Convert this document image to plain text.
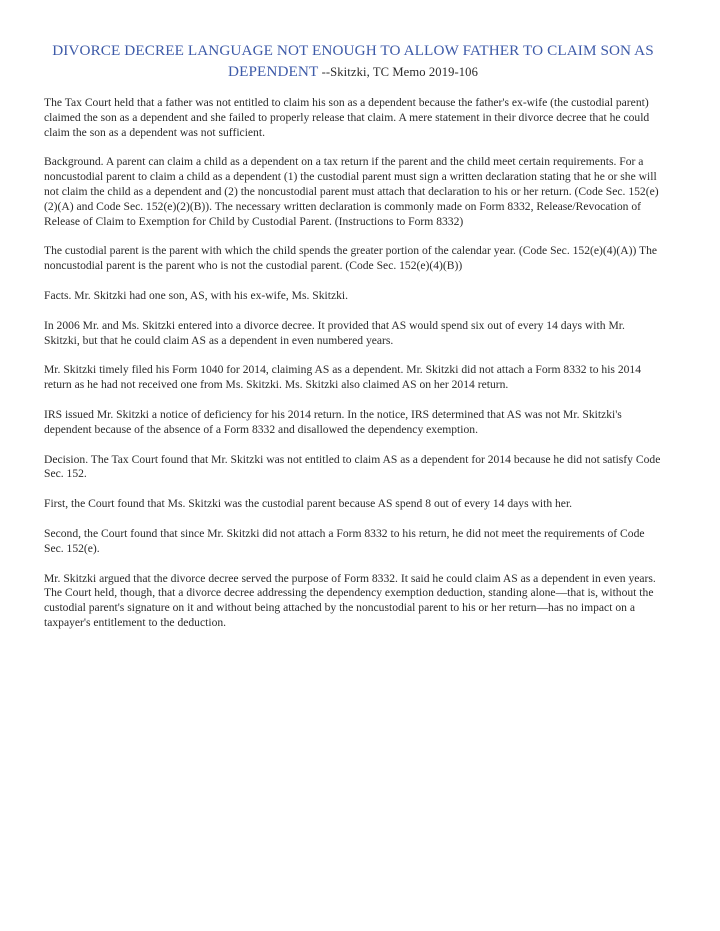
DIVORCE DECREE LANGUAGE NOT ENOUGH TO ALLOW FATHER TO CLAIM SON AS DEPENDENT --Skitzki, TC Memo 2019-106

The Tax Court held that a father was not entitled to claim his son as a dependent because the father's ex-wife (the custodial parent) claimed the son as a dependent and she failed to properly release that claim. A mere statement in their divorce decree that he could claim the son as a dependent was not sufficient.

Background. A parent can claim a child as a dependent on a tax return if the parent and the child meet certain requirements. For a noncustodial parent to claim a child as a dependent (1) the custodial parent must sign a written declaration stating that he or she will not claim the child as a dependent and (2) the noncustodial parent must attach that declaration to his or her return. (Code Sec. 152(e)(2)(A) and Code Sec. 152(e)(2)(B)). The necessary written declaration is commonly made on Form 8332, Release/Revocation of Release of Claim to Exemption for Child by Custodial Parent. (Instructions to Form 8332)

The custodial parent is the parent with which the child spends the greater portion of the calendar year. (Code Sec. 152(e)(4)(A)) The noncustodial parent is the parent who is not the custodial parent. (Code Sec. 152(e)(4)(B))

Facts. Mr. Skitzki had one son, AS, with his ex-wife, Ms. Skitzki.

In 2006 Mr. and Ms. Skitzki entered into a divorce decree. It provided that AS would spend six out of every 14 days with Mr. Skitzki, but that he could claim AS as a dependent in even numbered years.

Mr. Skitzki timely filed his Form 1040 for 2014, claiming AS as a dependent. Mr. Skitzki did not attach a Form 8332 to his 2014 return as he had not received one from Ms. Skitzki. Ms. Skitzki also claimed AS on her 2014 return.

IRS issued Mr. Skitzki a notice of deficiency for his 2014 return. In the notice, IRS determined that AS was not Mr. Skitzki's dependent because of the absence of a Form 8332 and disallowed the dependency exemption.

Decision. The Tax Court found that Mr. Skitzki was not entitled to claim AS as a dependent for 2014 because he did not satisfy Code Sec. 152.

First, the Court found that Ms. Skitzki was the custodial parent because AS spend 8 out of every 14 days with her.

Second, the Court found that since Mr. Skitzki did not attach a Form 8332 to his return, he did not meet the requirements of Code Sec. 152(e).

Mr. Skitzki argued that the divorce decree served the purpose of Form 8332. It said he could claim AS as a dependent in even years. The Court held, though, that a divorce decree addressing the dependency exemption deduction, standing alone—that is, without the custodial parent's signature on it and without being attached by the noncustodial parent to his or her return—has no impact on a taxpayer's entitlement to the deduction.
